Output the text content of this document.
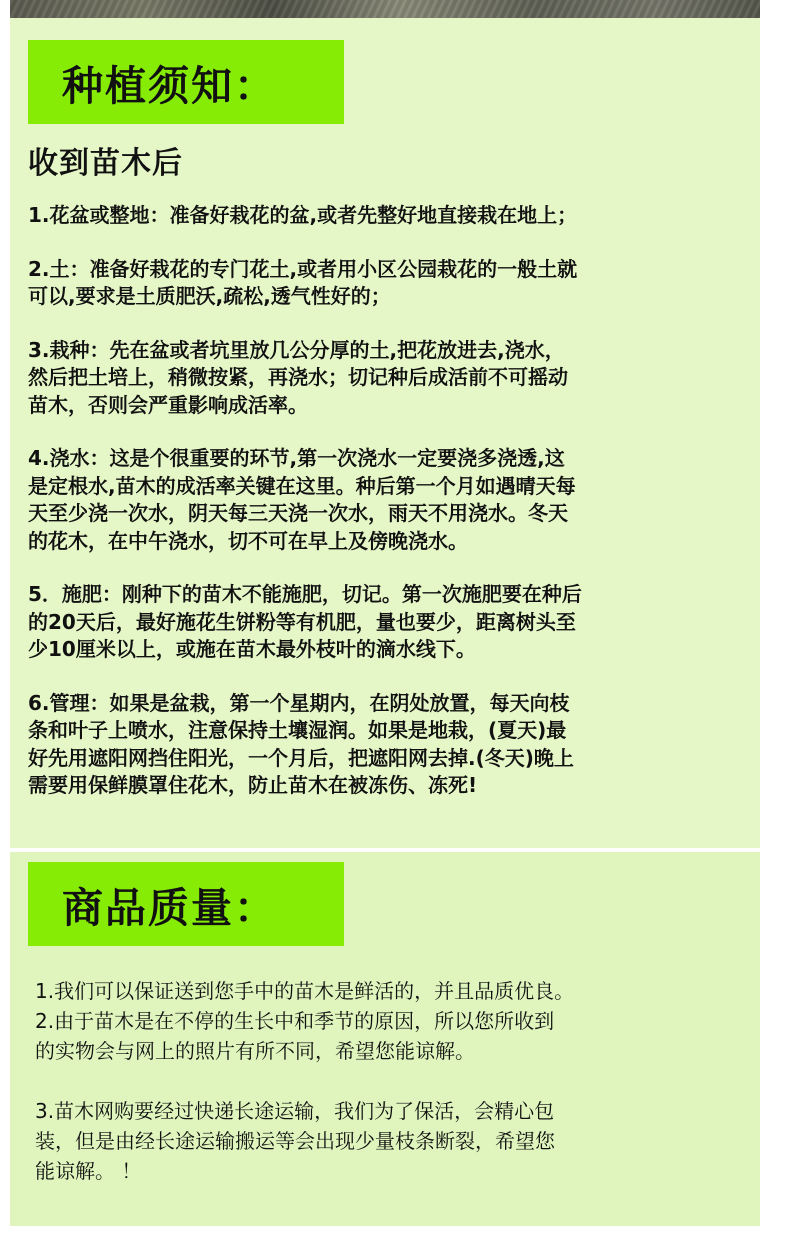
种植须知：
收到苗木后
1.花盆或整地：准备好栽花的盆,或者先整好地直接栽在地上；
2.土：准备好栽花的专门花土,或者用小区公园栽花的一般土就
可以,要求是土质肥沃,疏松,透气性好的；
3.栽种：先在盆或者坑里放几公分厚的土,把花放进去,浇水，
然后把土培上，稍微按紧，再浇水；切记种后成活前不可摇动
苗木，否则会严重影响成活率。
4.浇水：这是个很重要的环节,第一次浇水一定要浇多浇透,这
是定根水,苗木的成活率关键在这里。种后第一个月如遇晴天每
天至少浇一次水，阴天每三天浇一次水，雨天不用浇水。冬天
的花木，在中午浇水，切不可在早上及傍晚浇水。
5．施肥：刚种下的苗木不能施肥，切记。第一次施肥要在种后
的20天后，最好施花生饼粉等有机肥，量也要少，距离树头至
少10厘米以上，或施在苗木最外枝叶的滴水线下。
6.管理：如果是盆栽，第一个星期内，在阴处放置，每天向枝
条和叶子上喷水，注意保持土壤湿润。如果是地栽，(夏天)最
好先用遮阳网挡住阳光，一个月后，把遮阳网去掉.(冬天)晚上
需要用保鲜膜罩住花木，防止苗木在被冻伤、冻死!
商品质量：
1.我们可以保证送到您手中的苗木是鲜活的，并且品质优良。
2.由于苗木是在不停的生长中和季节的原因，所以您所收到
的实物会与网上的照片有所不同，希望您能谅解。
3.苗木网购要经过快递长途运输，我们为了保活，会精心包
装，但是由经长途运输搬运等会出现少量枝条断裂，希望您
能谅解。 ！
